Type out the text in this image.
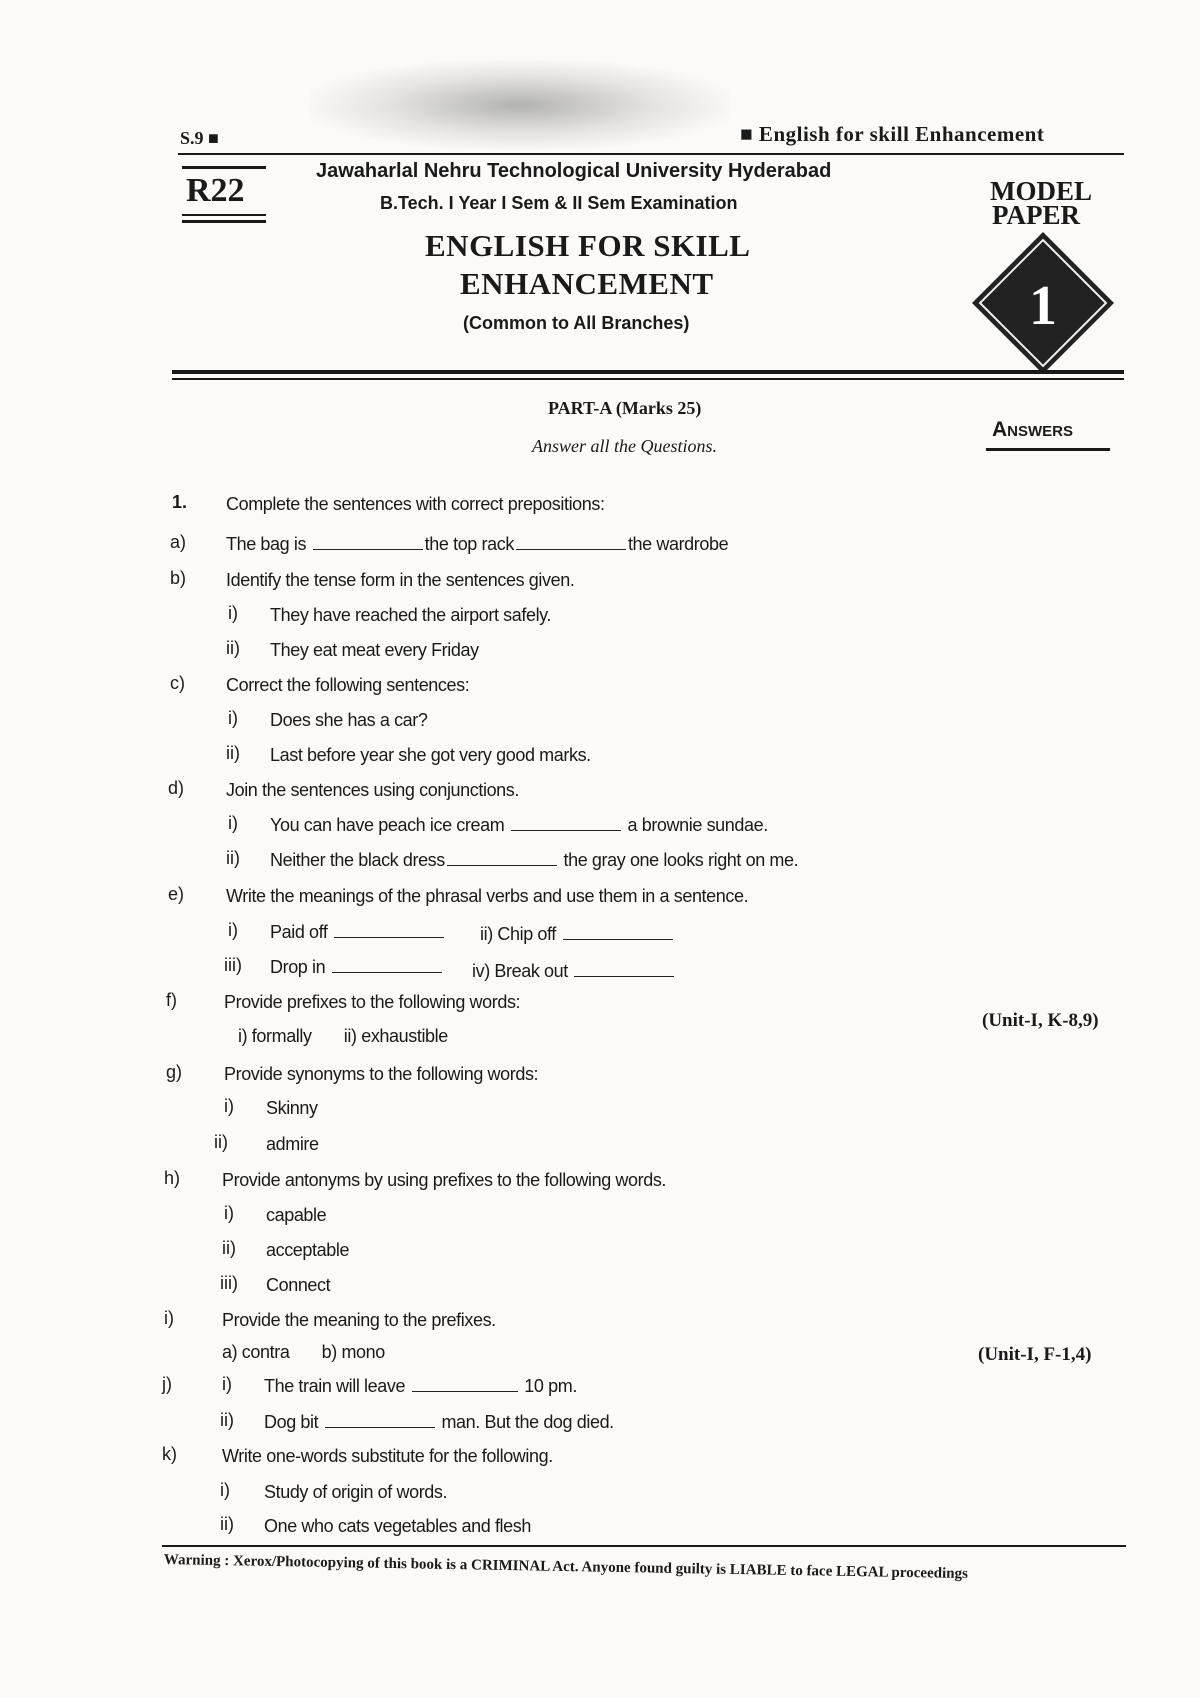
S.9 ■	■ English for skill Enhancement
R22
Jawaharlal Nehru Technological University Hyderabad
B.Tech. I Year I Sem & II Sem Examination
ENGLISH FOR SKILL
ENHANCEMENT
(Common to All Branches)
MODEL
PAPER
1
PART-A (Marks 25)
Answer all the Questions.
Answers
1. Complete the sentences with correct prepositions:
a) The bag is	the top rack	the wardrobe
b) Identify the tense form in the sentences given.
i) They have reached the airport safely.
ii) They eat meat every Friday
c) Correct the following sentences:
i) Does she has a car?
ii) Last before year she got very good marks.
d) Join the sentences using conjunctions.
i) You can have peach ice cream	a brownie sundae.
ii) Neither the black dress	the gray one looks right on me.
e) Write the meanings of the phrasal verbs and use them in a sentence.
i) Paid off	ii) Chip off
iii) Drop in	iv) Break out
f)	Provide prefixes to the following words:
i) formally       ii) exhaustible
(Unit-I, K-8,9)
g) Provide synonyms to the following words:
i) Skinny
ii) admire
h) Provide antonyms by using prefixes to the following words.
i) capable
ii) acceptable
iii) Connect
i)	Provide the meaning to the prefixes.
a) contra       b) mono	(Unit-I, F-1,4)
j)	i) The train will leave	10 pm.
ii) Dog bit	man. But the dog died.
k)	Write one-words substitute for the following.
i) Study of origin of words.
ii) One who cats vegetables and flesh
Warning : Xerox/Photocopying of this book is a CRIMINAL Act. Anyone found guilty is LIABLE to face LEGAL proceedings
